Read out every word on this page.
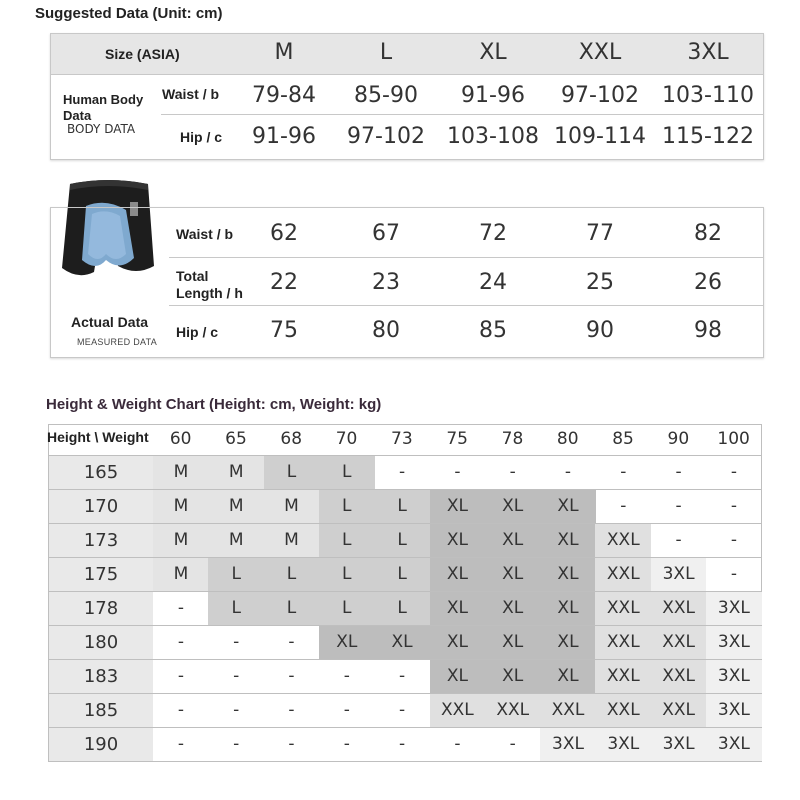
Suggested Data (Unit: cm)
Size (ASIA)	M	L	XL	XXL	3XL
Human Body Data
BODY DATA
Waist / b 79-84 85-90 91-96 97-102 103-110
Hip / c 91-96 97-102 103-108 109-114 115-122
Waist / b 62	67	72	77	82
Total Length / h	22	23	24	25	26
Actual Data
MEASURED DATA
Hip / c 75	80	85	90	98
Height & Weight Chart (Height: cm, Weight: kg)
Height \ Weight	60	65	68	70	73	75	78	80	85	90	100
165	M	M	L	L	-	-	-	-	-	-	-
170	M	M	M	L	L	XL	XL	XL	-	-	-
173	M	M	M	L	L	XL	XL	XL	XXL	-	-
175	M	L	L	L	L	XL	XL	XL	XXL	3XL	-
178	-	L	L	L	L	XL	XL	XL	XXL	XXL	3XL
180	-	-	-	XL	XL	XL	XL	XL	XXL	XXL	3XL
183	-	-	-	-	-	XL	XL	XL	XXL	XXL	3XL
185	-	-	-	-	-	XXL	XXL	XXL	XXL	XXL	3XL
190	-	-	-	-	-	-	-	3XL	3XL	3XL	3XL
